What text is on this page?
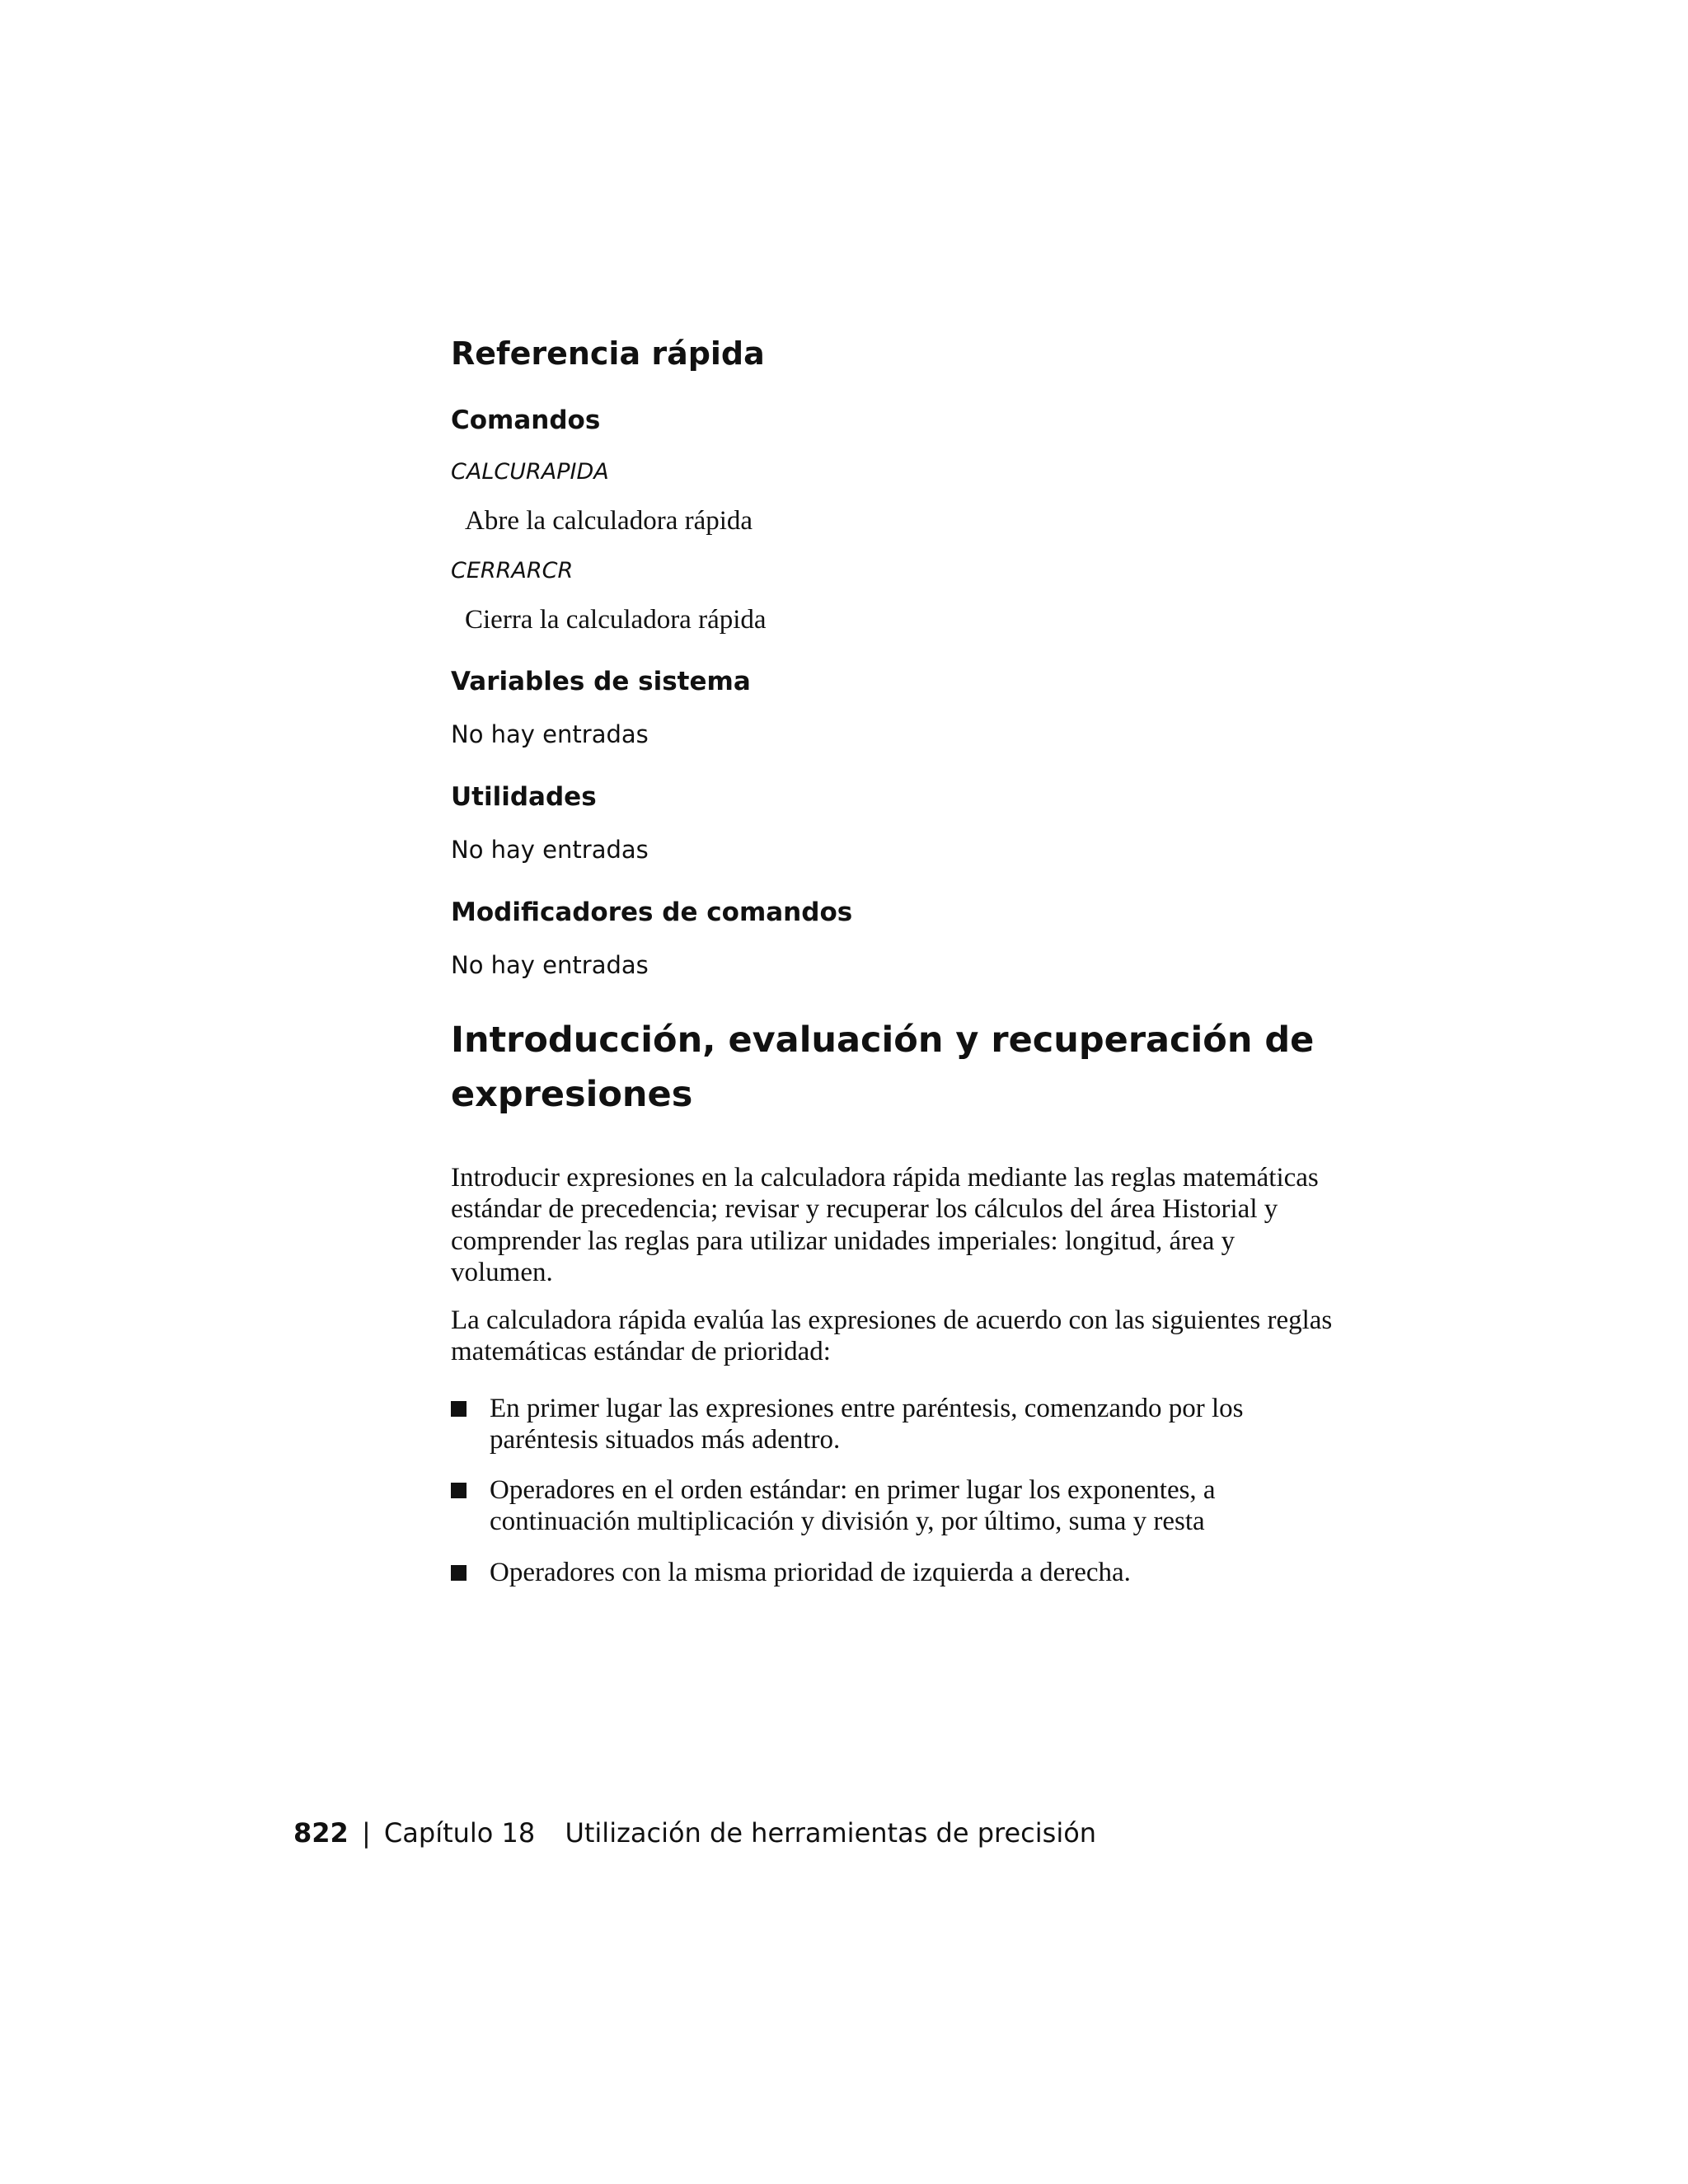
Referencia rápida
Comandos
CALCURAPIDA
Abre la calculadora rápida
CERRARCR
Cierra la calculadora rápida
Variables de sistema
No hay entradas
Utilidades
No hay entradas
Modificadores de comandos
No hay entradas
Introducción, evaluación y recuperación de
expresiones

Introducir expresiones en la calculadora rápida mediante las reglas matemáticas estándar de precedencia; revisar y recuperar los cálculos del área Historial y comprender las reglas para utilizar unidades imperiales: longitud, área y volumen.

La calculadora rápida evalúa las expresiones de acuerdo con las siguientes reglas matemáticas estándar de prioridad:

En primer lugar las expresiones entre paréntesis, comenzando por los paréntesis situados más adentro.
Operadores en el orden estándar: en primer lugar los exponentes, a continuación multiplicación y división y, por último, suma y resta
Operadores con la misma prioridad de izquierda a derecha.
822 | Capítulo 18 Utilización de herramientas de precisión
